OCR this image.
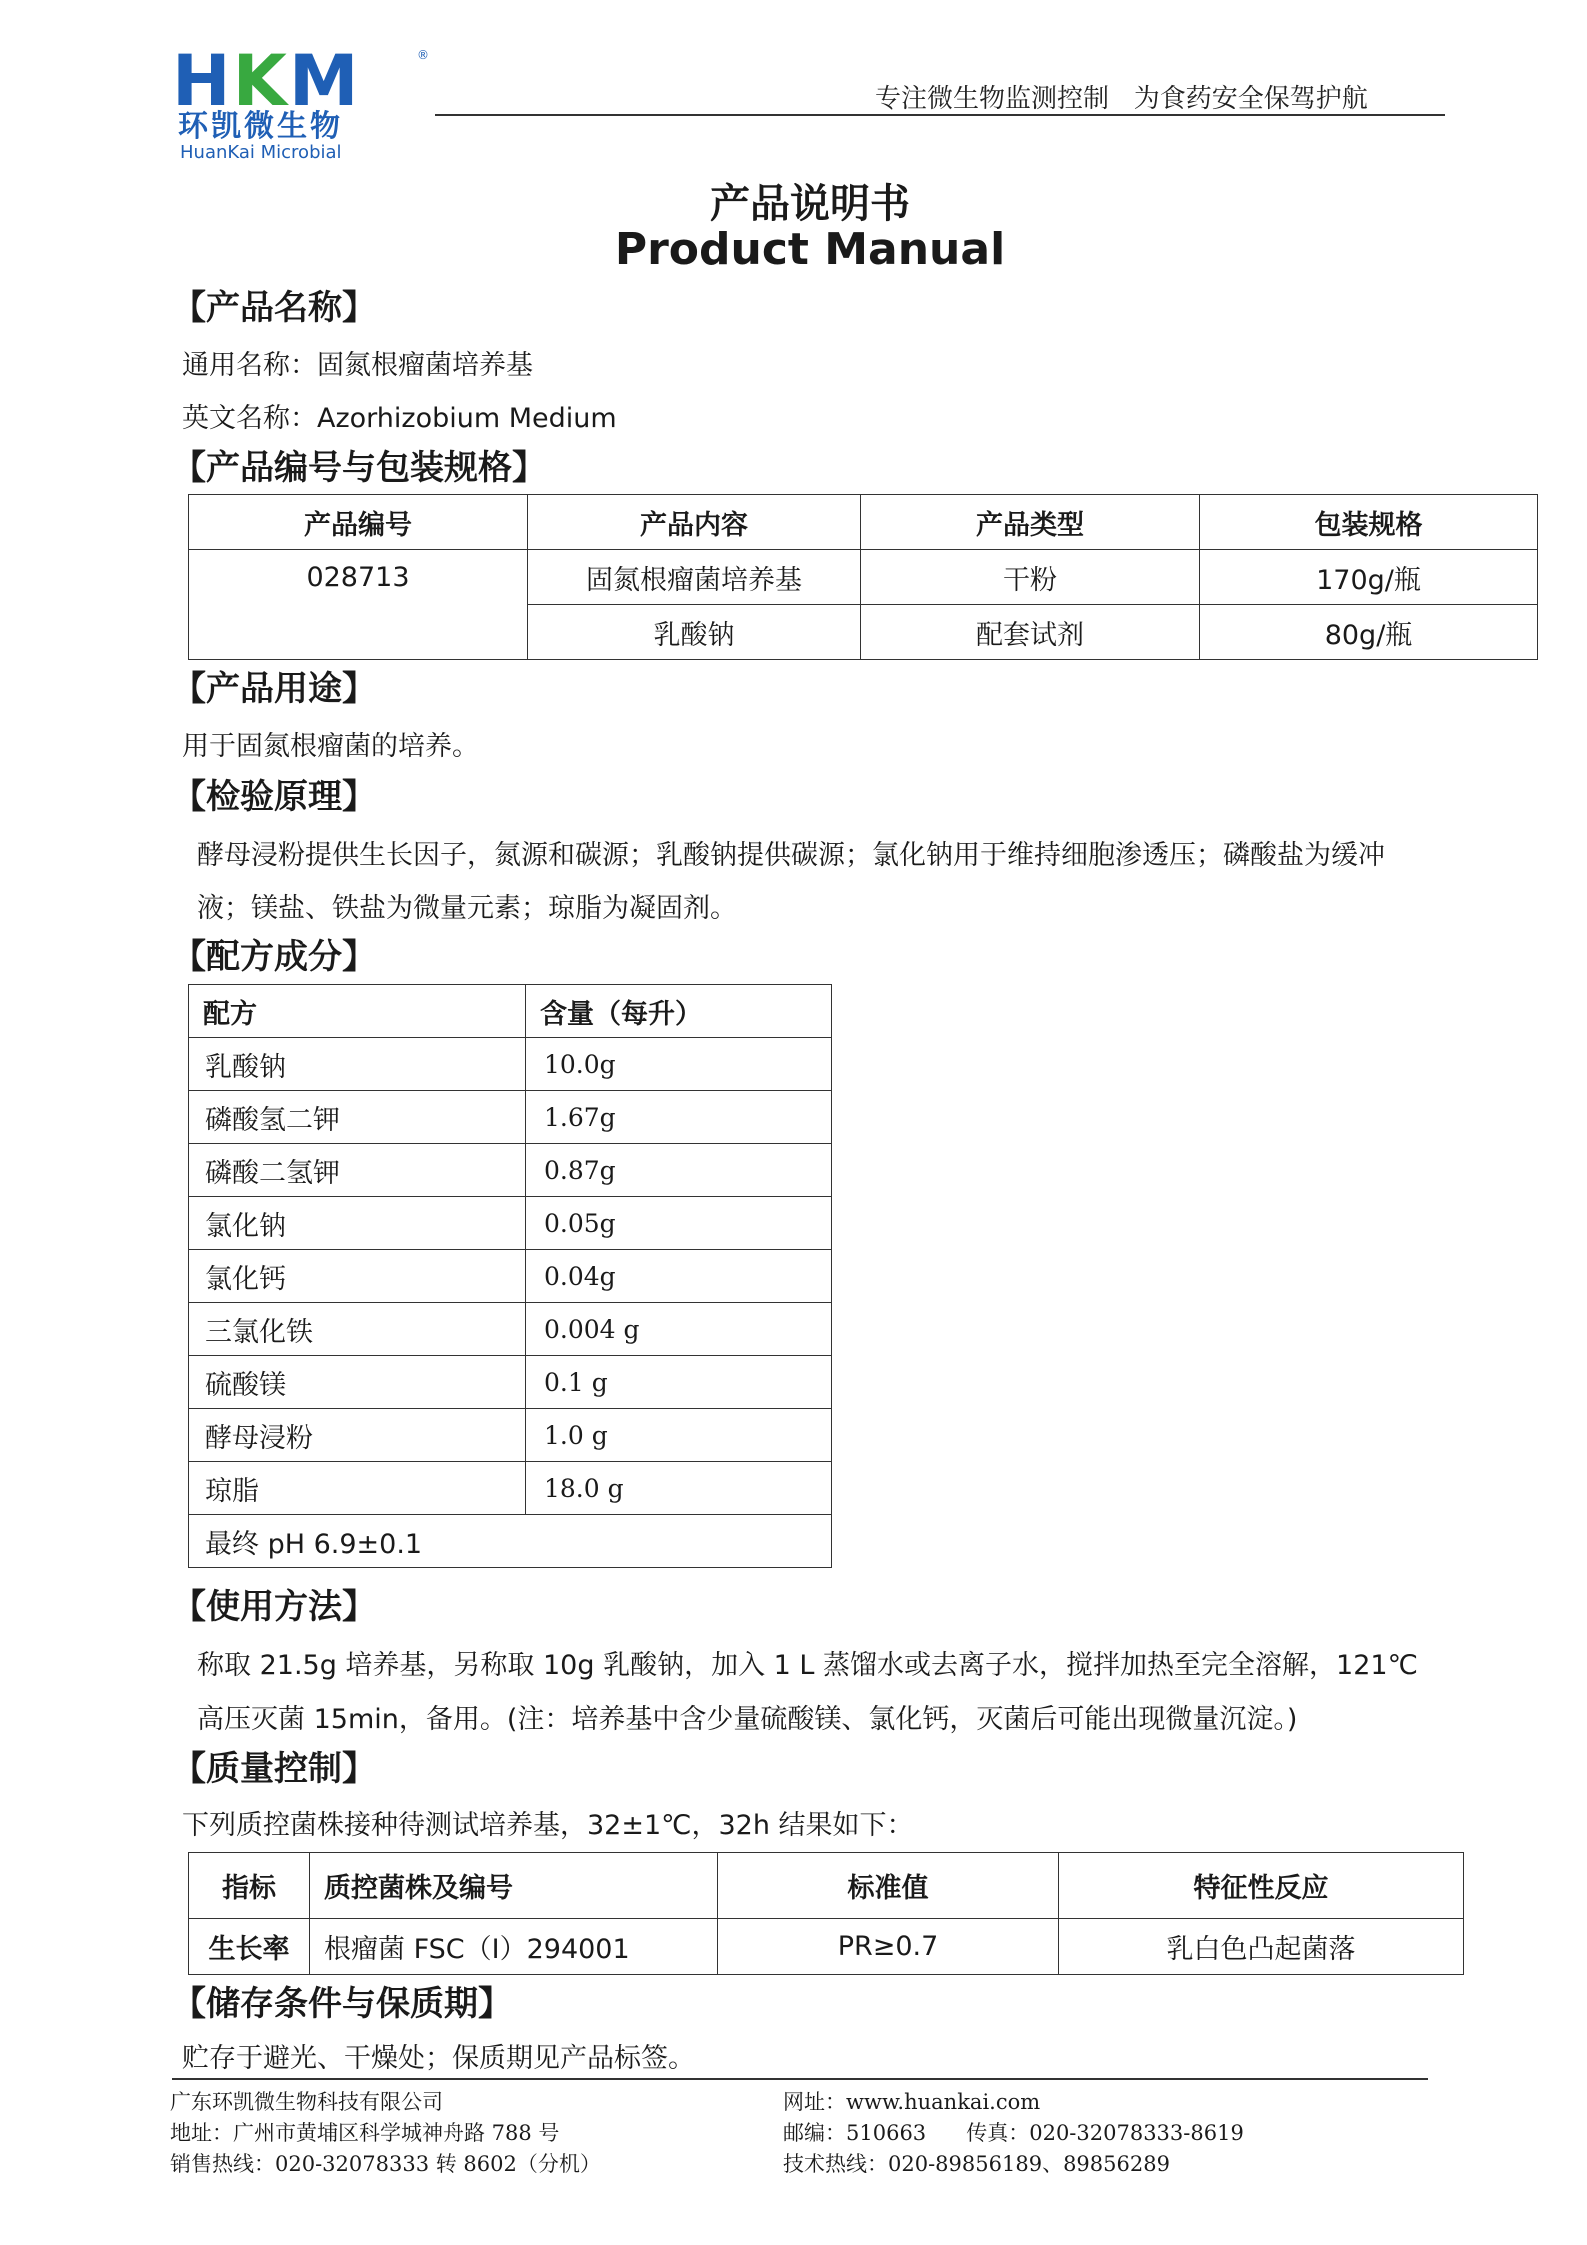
HKM	®
环凯微生物
HuanKai Microbial
专注微生物监测控制   为食药安全保驾护航
产品说明书
Product Manual
【产品名称】
通用名称：固氮根瘤菌培养基
英文名称：Azorhizobium Medium
【产品编号与包装规格】
产品编号	产品内容	产品类型	包装规格
028713	固氮根瘤菌培养基	干粉	170g/瓶
	乳酸钠	配套试剂	80g/瓶
【产品用途】
用于固氮根瘤菌的培养。
【检验原理】
酵母浸粉提供生长因子，氮源和碳源；乳酸钠提供碳源；氯化钠用于维持细胞渗透压；磷酸盐为缓冲
液；镁盐、铁盐为微量元素；琼脂为凝固剂。
【配方成分】
配方	含量（每升）
乳酸钠	10.0g
磷酸氢二钾	1.67g
磷酸二氢钾	0.87g
氯化钠	0.05g
氯化钙	0.04g
三氯化铁	0.004 g
硫酸镁	0.1 g
酵母浸粉	1.0 g
琼脂	18.0 g
最终 pH 6.9±0.1	
【使用方法】
称取 21.5g 培养基，另称取 10g 乳酸钠，加入 1 L 蒸馏水或去离子水，搅拌加热至完全溶解，121℃
高压灭菌 15min，备用。(注：培养基中含少量硫酸镁、氯化钙，灭菌后可能出现微量沉淀。)
【质量控制】
下列质控菌株接种待测试培养基，32±1℃，32h 结果如下：
指标	质控菌株及编号	标准值	特征性反应
生长率	根瘤菌 FSC（I）294001	PR≥0.7	乳白色凸起菌落
【储存条件与保质期】
贮存于避光、干燥处；保质期见产品标签。
广东环凯微生物科技有限公司
地址：广州市黄埔区科学城神舟路 788 号
销售热线：020-32078333 转 8602（分机）
网址：www.huankai.com
邮编：510663      传真：020-32078333-8619
技术热线：020-89856189、89856289
